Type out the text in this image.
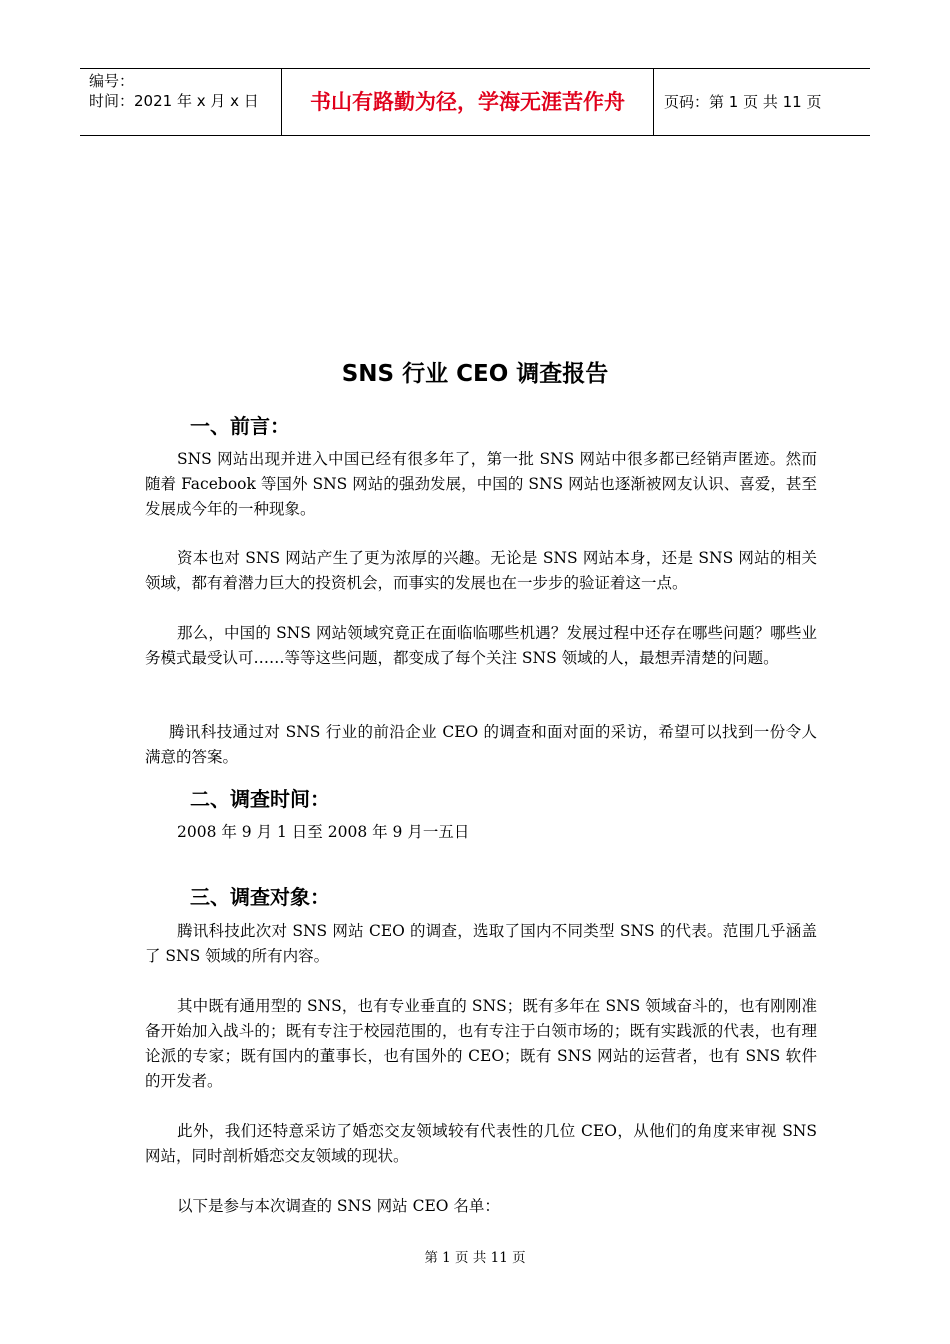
编号：
时间：2021 年 x 月 x 日	书山有路勤为径，学海无涯苦作舟	页码：第 1 页 共 11 页
SNS 行业 CEO 调查报告
一、前言：

SNS 网站出现并进入中国已经有很多年了，第一批 SNS 网站中很多都已经销声匿迹。然而随着 Facebook 等国外 SNS 网站的强劲发展，中国的 SNS 网站也逐渐被网友认识、喜爱，甚至发展成今年的一种现象。

资本也对 SNS 网站产生了更为浓厚的兴趣。无论是 SNS 网站本身，还是 SNS 网站的相关领域，都有着潜力巨大的投资机会，而事实的发展也在一步步的验证着这一点。

那么，中国的 SNS 网站领域究竟正在面临临哪些机遇？发展过程中还存在哪些问题？哪些业务模式最受认可……等等这些问题，都变成了每个关注 SNS 领域的人，最想弄清楚的问题。

腾讯科技通过对 SNS 行业的前沿企业 CEO 的调查和面对面的采访，希望可以找到一份令人满意的答案。

二、调查时间：
2008 年 9 月 1 日至 2008 年 9 月一五日
三、调查对象：

腾讯科技此次对 SNS 网站 CEO 的调查，选取了国内不同类型 SNS 的代表。范围几乎涵盖了 SNS 领域的所有内容。

其中既有通用型的 SNS，也有专业垂直的 SNS；既有多年在 SNS 领域奋斗的，也有刚刚准备开始加入战斗的；既有专注于校园范围的，也有专注于白领市场的；既有实践派的代表，也有理论派的专家；既有国内的董事长，也有国外的 CEO；既有 SNS 网站的运营者，也有 SNS 软件的开发者。

此外，我们还特意采访了婚恋交友领域较有代表性的几位 CEO，从他们的角度来审视 SNS 网站，同时剖析婚恋交友领域的现状。

以下是参与本次调查的 SNS 网站 CEO 名单：

第 1 页 共 11 页
